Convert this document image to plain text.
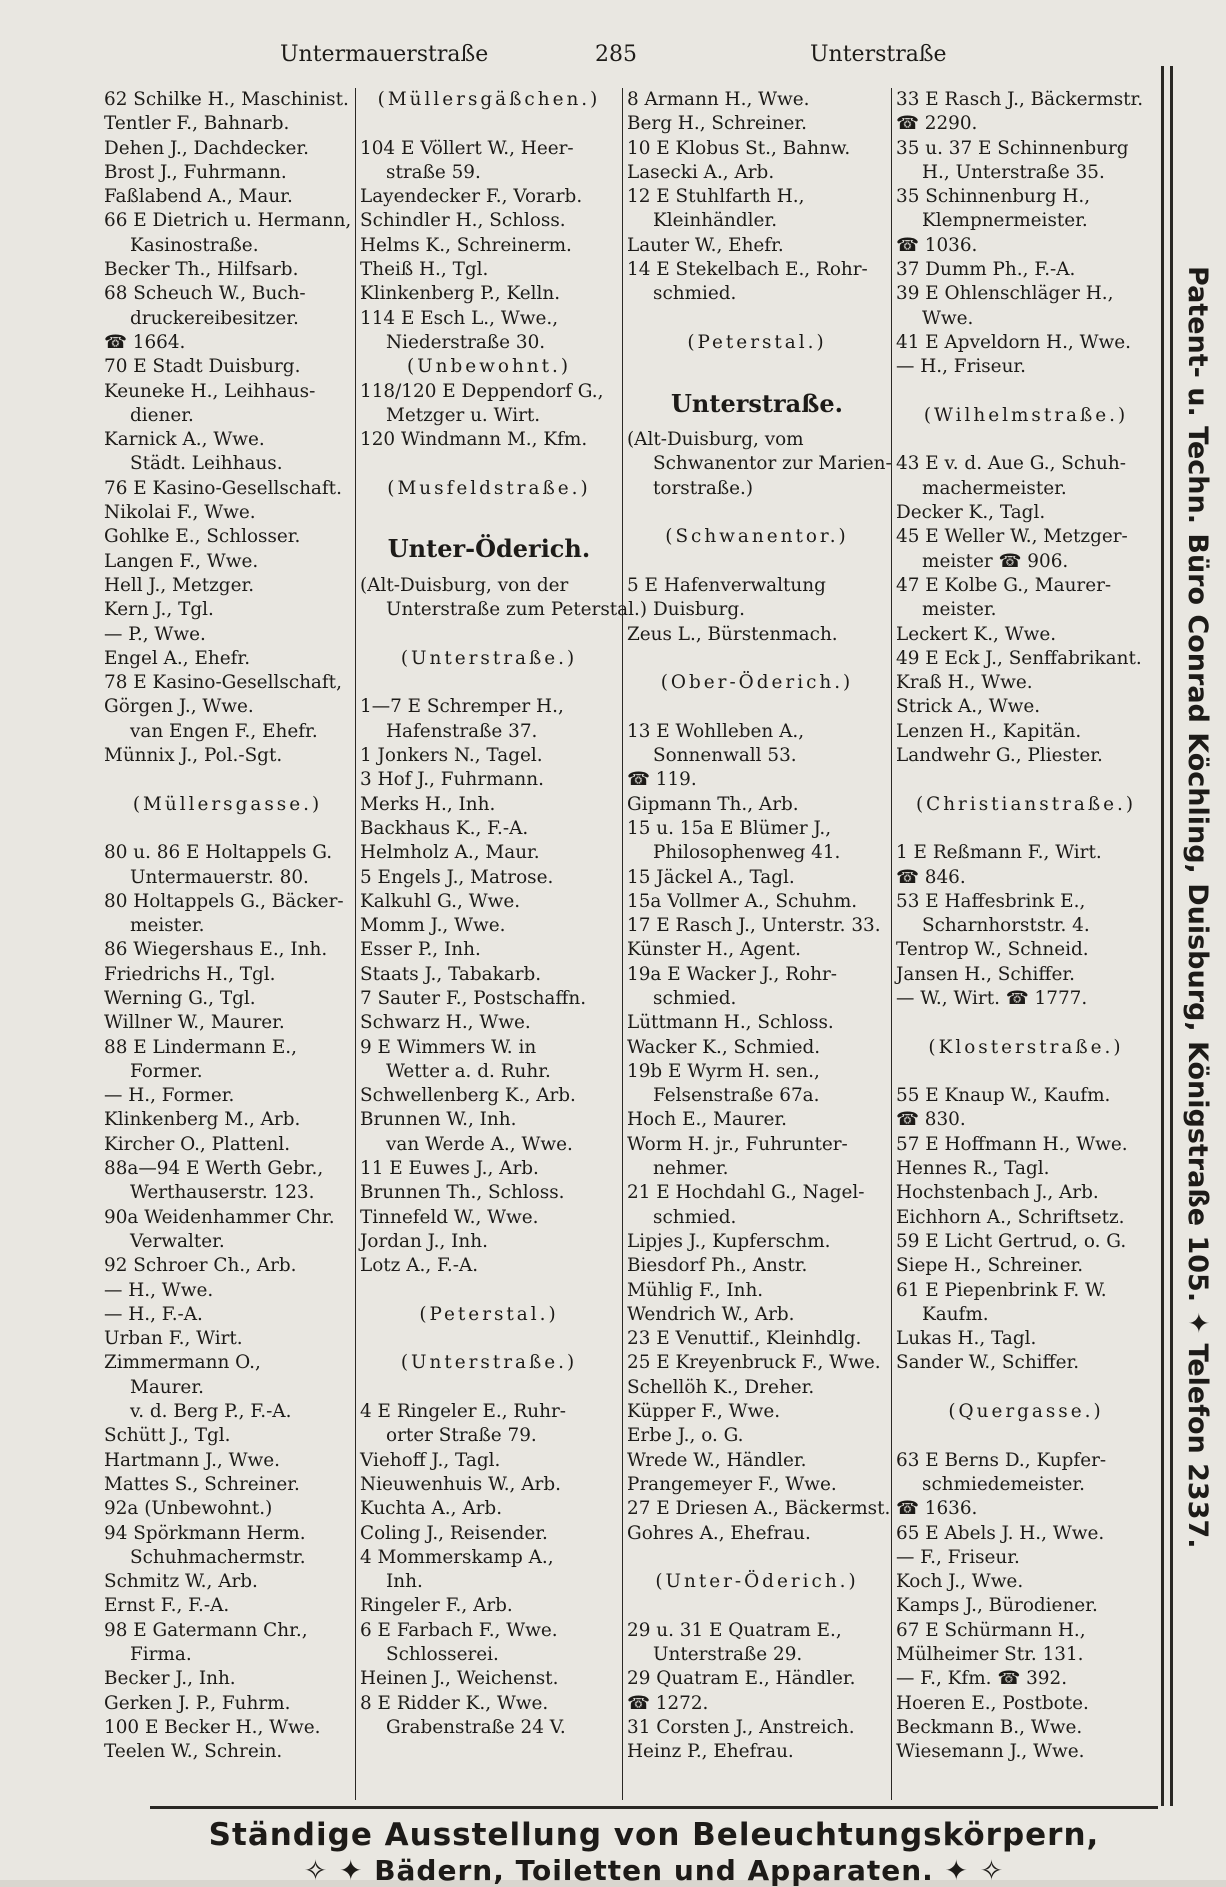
Untermauerstraße	285	Unterstraße
62 Schilke H., Maschinist.
Tentler F., Bahnarb.
Dehen J., Dachdecker.
Brost J., Fuhrmann.
Faßlabend A., Maur.
66 E Dietrich u. Hermann,
Kasinostraße.
Becker Th., Hilfsarb.
68 Scheuch W., Buch-
druckereibesitzer.
☎ 1664.
70 E Stadt Duisburg.
Keuneke H., Leihhaus-
diener.
Karnick A., Wwe.
Städt. Leihhaus.
76 E Kasino-Gesellschaft.
Nikolai F., Wwe.
Gohlke E., Schlosser.
Langen F., Wwe.
Hell J., Metzger.
Kern J., Tgl.
— P., Wwe.
Engel A., Ehefr.
78 E Kasino-Gesellschaft,
Görgen J., Wwe.
van Engen F., Ehefr.
Münnix J., Pol.-Sgt.
(Müllersgasse.)
80 u. 86 E Holtappels G.
Untermauerstr. 80.
80 Holtappels G., Bäcker-
meister.
86 Wiegershaus E., Inh.
Friedrichs H., Tgl.
Werning G., Tgl.
Willner W., Maurer.
88 E Lindermann E.,
Former.
— H., Former.
Klinkenberg M., Arb.
Kircher O., Plattenl.
88a—94 E Werth Gebr.,
Werthauserstr. 123.
90a Weidenhammer Chr.
Verwalter.
92 Schroer Ch., Arb.
— H., Wwe.
— H., F.-A.
Urban F., Wirt.
Zimmermann O.,
Maurer.
v. d. Berg P., F.-A.
Schütt J., Tgl.
Hartmann J., Wwe.
Mattes S., Schreiner.
92a (Unbewohnt.)
94 Spörkmann Herm.
Schuhmachermstr.
Schmitz W., Arb.
Ernst F., F.-A.
98 E Gatermann Chr.,
Firma.
Becker J., Inh.
Gerken J. P., Fuhrm.
100 E Becker H., Wwe.
Teelen W., Schrein.
(Müllersgäßchen.)
104 E Völlert W., Heer-
straße 59.
Layendecker F., Vorarb.
Schindler H., Schloss.
Helms K., Schreinerm.
Theiß H., Tgl.
Klinkenberg P., Kelln.
114 E Esch L., Wwe.,
Niederstraße 30.
(Unbewohnt.)
118/120 E Deppendorf G.,
Metzger u. Wirt.
120 Windmann M., Kfm.
(Musfeldstraße.)
Unter-Öderich.
(Alt-Duisburg, von der
Unterstraße zum Peterstal.)
(Unterstraße.)
1—7 E Schremper H.,
Hafenstraße 37.
1 Jonkers N., Tagel.
3 Hof J., Fuhrmann.
Merks H., Inh.
Backhaus K., F.-A.
Helmholz A., Maur.
5 Engels J., Matrose.
Kalkuhl G., Wwe.
Momm J., Wwe.
Esser P., Inh.
Staats J., Tabakarb.
7 Sauter F., Postschaffn.
Schwarz H., Wwe.
9 E Wimmers W. in
Wetter a. d. Ruhr.
Schwellenberg K., Arb.
Brunnen W., Inh.
van Werde A., Wwe.
11 E Euwes J., Arb.
Brunnen Th., Schloss.
Tinnefeld W., Wwe.
Jordan J., Inh.
Lotz A., F.-A.
(Peterstal.)
(Unterstraße.)
4 E Ringeler E., Ruhr-
orter Straße 79.
Viehoff J., Tagl.
Nieuwenhuis W., Arb.
Kuchta A., Arb.
Coling J., Reisender.
4 Mommerskamp A.,
Inh.
Ringeler F., Arb.
6 E Farbach F., Wwe.
Schlosserei.
Heinen J., Weichenst.
8 E Ridder K., Wwe.
Grabenstraße 24 V.
8 Armann H., Wwe.
Berg H., Schreiner.
10 E Klobus St., Bahnw.
Lasecki A., Arb.
12 E Stuhlfarth H.,
Kleinhändler.
Lauter W., Ehefr.
14 E Stekelbach E., Rohr-
schmied.
(Peterstal.)
Unterstraße.
(Alt-Duisburg, vom
Schwanentor zur Marien-
torstraße.)
(Schwanentor.)
5 E Hafenverwaltung
Duisburg.
Zeus L., Bürstenmach.
(Ober-Öderich.)
13 E Wohlleben A.,
Sonnenwall 53.
☎ 119.
Gipmann Th., Arb.
15 u. 15a E Blümer J.,
Philosophenweg 41.
15 Jäckel A., Tagl.
15a Vollmer A., Schuhm.
17 E Rasch J., Unterstr. 33.
Künster H., Agent.
19a E Wacker J., Rohr-
schmied.
Lüttmann H., Schloss.
Wacker K., Schmied.
19b E Wyrm H. sen.,
Felsenstraße 67a.
Hoch E., Maurer.
Worm H. jr., Fuhrunter-
nehmer.
21 E Hochdahl G., Nagel-
schmied.
Lipjes J., Kupferschm.
Biesdorf Ph., Anstr.
Mühlig F., Inh.
Wendrich W., Arb.
23 E Venuttif., Kleinhdlg.
25 E Kreyenbruck F., Wwe.
Schellöh K., Dreher.
Küpper F., Wwe.
Erbe J., o. G.
Wrede W., Händler.
Prangemeyer F., Wwe.
27 E Driesen A., Bäckermst.
Gohres A., Ehefrau.
(Unter-Öderich.)
29 u. 31 E Quatram E.,
Unterstraße 29.
29 Quatram E., Händler.
☎ 1272.
31 Corsten J., Anstreich.
Heinz P., Ehefrau.
33 E Rasch J., Bäckermstr.
☎ 2290.
35 u. 37 E Schinnenburg
H., Unterstraße 35.
35 Schinnenburg H.,
Klempnermeister.
☎ 1036.
37 Dumm Ph., F.-A.
39 E Ohlenschläger H.,
Wwe.
41 E Apveldorn H., Wwe.
— H., Friseur.
(Wilhelmstraße.)
43 E v. d. Aue G., Schuh-
machermeister.
Decker K., Tagl.
45 E Weller W., Metzger-
meister ☎ 906.
47 E Kolbe G., Maurer-
meister.
Leckert K., Wwe.
49 E Eck J., Senffabrikant.
Kraß H., Wwe.
Strick A., Wwe.
Lenzen H., Kapitän.
Landwehr G., Pliester.
(Christianstraße.)
1 E Reßmann F., Wirt.
☎ 846.
53 E Haffesbrink E.,
Scharnhorststr. 4.
Tentrop W., Schneid.
Jansen H., Schiffer.
— W., Wirt. ☎ 1777.
(Klosterstraße.)
55 E Knaup W., Kaufm.
☎ 830.
57 E Hoffmann H., Wwe.
Hennes R., Tagl.
Hochstenbach J., Arb.
Eichhorn A., Schriftsetz.
59 E Licht Gertrud, o. G.
Siepe H., Schreiner.
61 E Piepenbrink F. W.
Kaufm.
Lukas H., Tagl.
Sander W., Schiffer.
(Quergasse.)
63 E Berns D., Kupfer-
schmiedemeister.
☎ 1636.
65 E Abels J. H., Wwe.
— F., Friseur.
Koch J., Wwe.
Kamps J., Bürodiener.
67 E Schürmann H.,
Mülheimer Str. 131.
— F., Kfm. ☎ 392.
Hoeren E., Postbote.
Beckmann B., Wwe.
Wiesemann J., Wwe.
Ständige Ausstellung von Beleuchtungskörpern,
✧ ✦ Bädern, Toiletten und Apparaten. ✦ ✧
Patent- u. Techn. Büro Conrad Köchling, Duisburg, Königstraße 105. ✦ Telefon 2337.
